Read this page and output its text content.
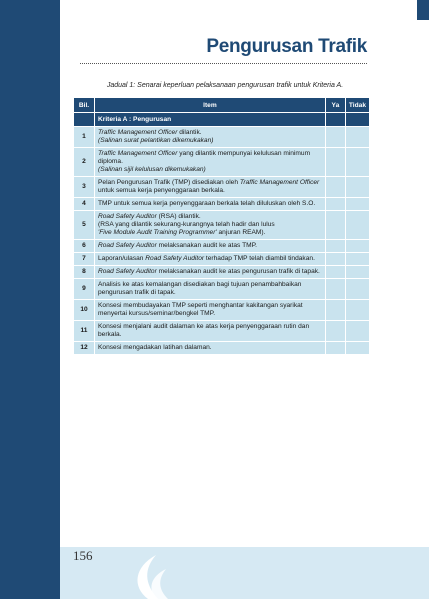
Pengurusan Trafik
Jadual 1: Senarai keperluan pelaksanaan pengurusan trafik untuk Kriteria A.
Bil.	Item	Ya	Tidak
	Kriteria A : Pengurusan		
1	Traffic Management Officer dilantik.
(Salinan surat pelantikan dikemukakan)		

2	Traffic Management Officer yang dilantik mempunyai kelulusan minimum diploma.
(Salinan sijil kelulusan dikemukakan)		

3	Pelan Pengurusan Trafik (TMP) disediakan oleh Traffic Management Officer untuk semua kerja penyenggaraan berkala.		

4	TMP untuk semua kerja penyenggaraan berkala telah diluluskan oleh S.O.		

5	Road Safety Auditor (RSA) dilantik.
(RSA yang dilantik sekurang-kurangnya telah hadir dan lulus
'Five Module Audit Training Programmer' anjuran REAM).		

6	Road Safety Auditor melaksanakan audit ke atas TMP.		

7	Laporan/ulasan Road Safety Auditor terhadap TMP telah diambil tindakan.		

8	Road Safety Auditor melaksanakan audit ke atas pengurusan trafik di tapak.		

9	Analisis ke atas kemalangan disediakan bagi tujuan penambahbaikan pengurusan trafik di tapak.		

10	Konsesi membudayakan TMP seperti menghantar kakitangan syarikat menyertai kursus/seminar/bengkel TMP.		

11	Konsesi menjalani audit dalaman ke atas kerja penyenggaraan rutin dan berkala.		

12	Konsesi mengadakan latihan dalaman.		

156
